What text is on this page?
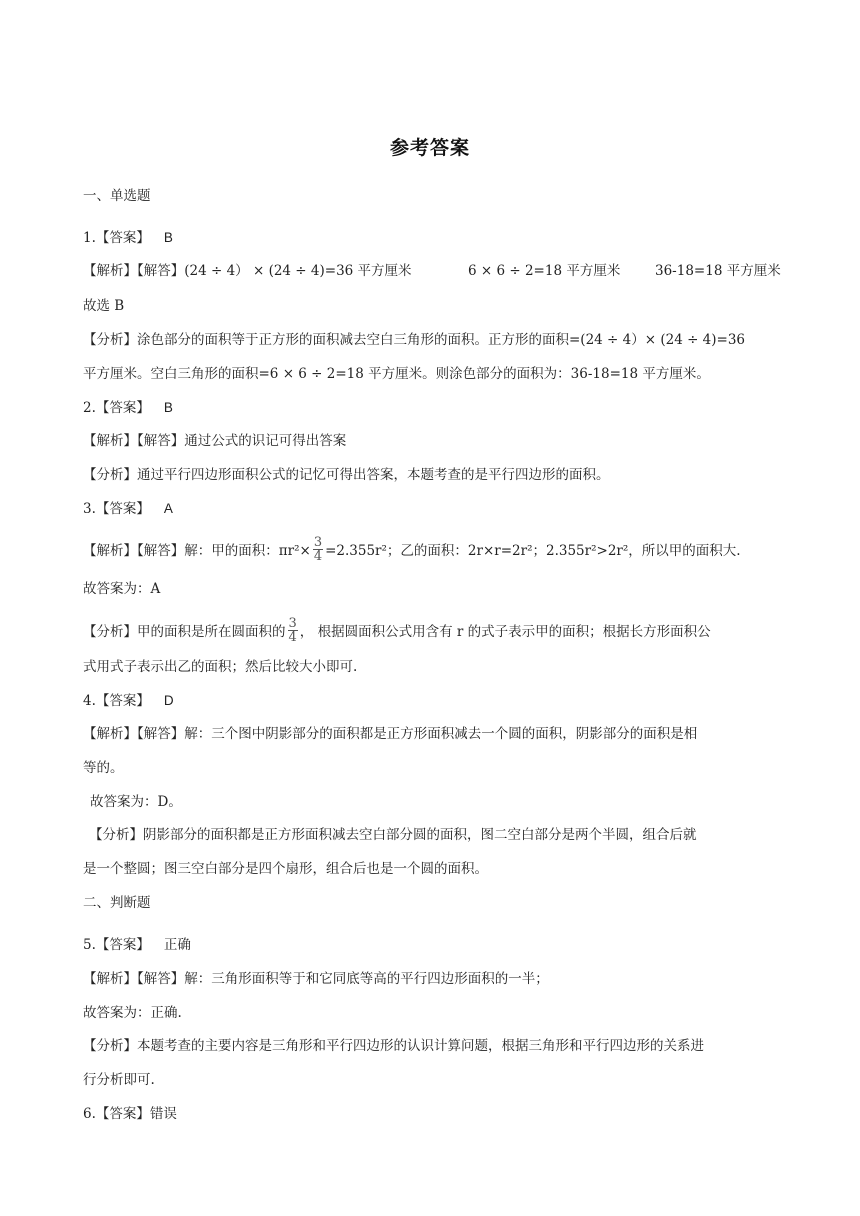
参考答案
一、单选题
1.【答案】 B
【解析】【解答】(24 ÷ 4） × (24 ÷ 4)=36 平方厘米	6 × 6 ÷ 2=18 平方厘米	36-18=18 平方厘米
故选 B
【分析】涂色部分的面积等于正方形的面积减去空白三角形的面积。正方形的面积=(24 ÷ 4）× (24 ÷ 4)=36
平方厘米。空白三角形的面积=6 × 6 ÷ 2=18 平方厘米。则涂色部分的面积为：36-18=18 平方厘米。
2.【答案】 B
【解析】【解答】通过公式的识记可得出答案
【分析】通过平行四边形面积公式的记忆可得出答案，本题考查的是平行四边形的面积。
3.【答案】 A
【解析】【解答】解：甲的面积：$\pi r^2\times \frac{3}{4} =2.355r^2$；乙的面积：2r×r=2r²；2.355r²>2r²，所以甲的面积大.
故答案为：A
【分析】甲的面积是所在圆面积的 $\frac{3}{4}$ ， 根据圆面积公式用含有 r 的式子表示甲的面积；根据长方形面积公
式用式子表示出乙的面积；然后比较大小即可.
4.【答案】 D
【解析】【解答】解：三个图中阴影部分的面积都是正方形面积减去一个圆的面积，阴影部分的面积是相
等的。
故答案为：D。
【分析】阴影部分的面积都是正方形面积减去空白部分圆的面积，图二空白部分是两个半圆，组合后就
是一个整圆；图三空白部分是四个扇形，组合后也是一个圆的面积。
二、判断题
5.【答案】 正确
【解析】【解答】解：三角形面积等于和它同底等高的平行四边形面积的一半；
故答案为：正确.
【分析】本题考查的主要内容是三角形和平行四边形的认识计算问题，根据三角形和平行四边形的关系进
行分析即可.
6.【答案】错误
